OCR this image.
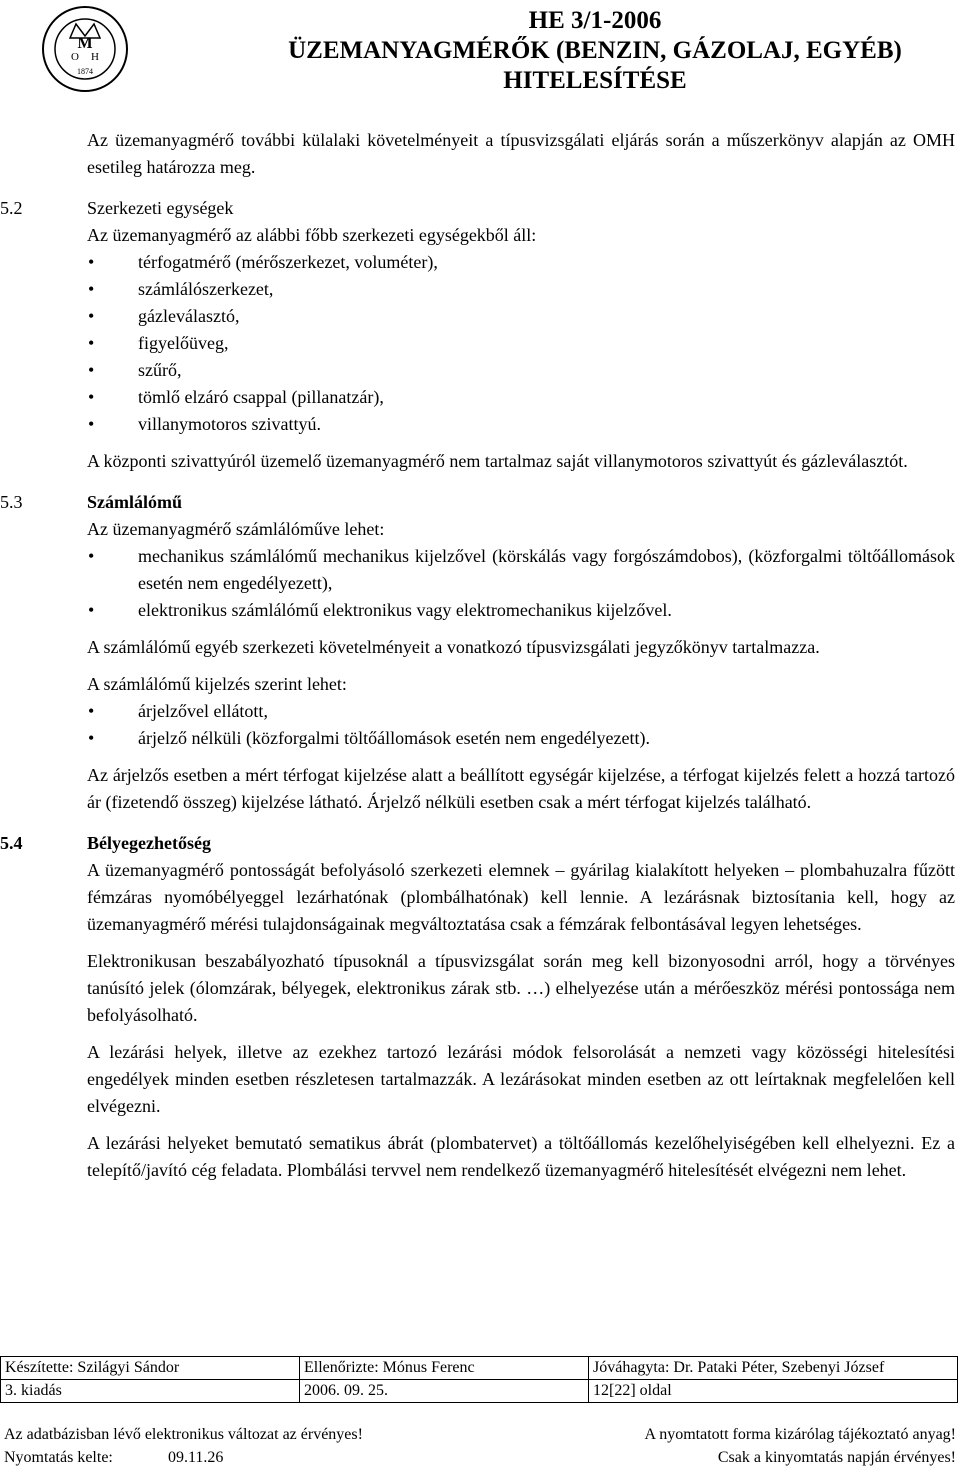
M
O H
1874
HE 3/1-2006
ÜZEMANYAGMÉRŐK (BENZIN, GÁZOLAJ, EGYÉB)
HITELESÍTÉSE

Az üzemanyagmérő további külalaki követelményeit a típusvizsgálati eljárás során a műszerkönyv alapján az OMH esetileg határozza meg.

5.2	Szerkezeti egységek

Az üzemanyagmérő az alábbi főbb szerkezeti egységekből áll:

• térfogatmérő (mérőszerkezet, voluméter),
• számlálószerkezet,
• gázleválasztó,
• figyelőüveg,
• szűrő,
• tömlő elzáró csappal (pillanatzár),
• villanymotoros szivattyú.

A központi szivattyúról üzemelő üzemanyagmérő nem tartalmaz saját villanymotoros szivattyút és gázleválasztót.

5.3	Számlálómű

Az üzemanyagmérő számlálóműve lehet:

• mechanikus számlálómű mechanikus kijelzővel (körskálás vagy forgószámdobos), (közforgalmi töltőállomások esetén nem engedélyezett),
• elektronikus számlálómű elektronikus vagy elektromechanikus kijelzővel.

A számlálómű egyéb szerkezeti követelményeit a vonatkozó típusvizsgálati jegyzőkönyv tartalmazza.

A számlálómű kijelzés szerint lehet:

• árjelzővel ellátott,
• árjelző nélküli (közforgalmi töltőállomások esetén nem engedélyezett).

Az árjelzős esetben a mért térfogat kijelzése alatt a beállított egységár kijelzése, a térfogat kijelzés felett a hozzá tartozó ár (fizetendő összeg) kijelzése látható. Árjelző nélküli esetben csak a mért térfogat kijelzés található.

5.4	Bélyegezhetőség

A üzemanyagmérő pontosságát befolyásoló szerkezeti elemnek – gyárilag kialakított helyeken – plombahuzalra fűzött fémzáras nyomóbélyeggel lezárhatónak (plombálhatónak) kell lennie. A lezárásnak biztosítania kell, hogy az üzemanyagmérő mérési tulajdonságainak megváltoztatása csak a fémzárak felbontásával legyen lehetséges.

Elektronikusan beszabályozható típusoknál a típusvizsgálat során meg kell bizonyosodni arról, hogy a törvényes tanúsító jelek (ólomzárak, bélyegek, elektronikus zárak stb. …) elhelyezése után a mérőeszköz mérési pontossága nem befolyásolható.

A lezárási helyek, illetve az ezekhez tartozó lezárási módok felsorolását a nemzeti vagy közösségi hitelesítési engedélyek minden esetben részletesen tartalmazzák. A lezárásokat minden esetben az ott leírtaknak megfelelően kell elvégezni.

A lezárási helyeket bemutató sematikus ábrát (plombatervet) a töltőállomás kezelőhelyiségében kell elhelyezni. Ez a telepítő/javító cég feladata. Plombálási tervvel nem rendelkező üzemanyagmérő hitelesítését elvégezni nem lehet.

Készítette: Szilágyi Sándor	Ellenőrizte: Mónus Ferenc	Jóváhagyta: Dr. Pataki Péter, Szebenyi József
3. kiadás	2006. 09. 25.	12[22] oldal
Az adatbázisban lévő elektronikus változat az érvényes!	A nyomtatott forma kizárólag tájékoztató anyag!
Nyomtatás kelte:	09.11.26	Csak a kinyomtatás napján érvényes!
